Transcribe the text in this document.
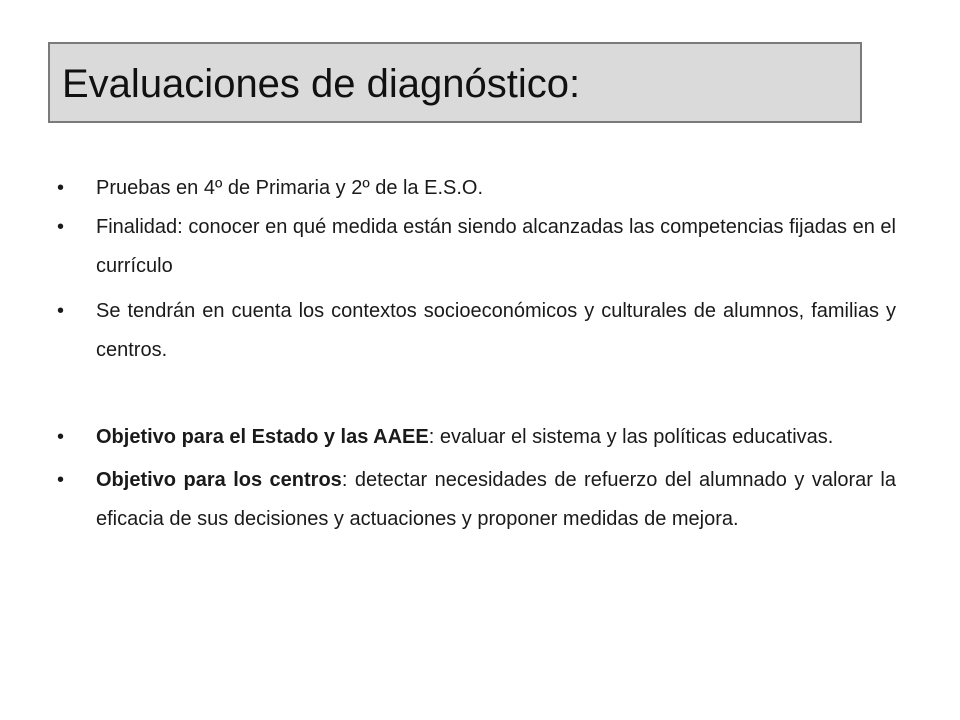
Evaluaciones de diagnóstico:
•	Pruebas en 4º de Primaria y 2º de la E.S.O.
•	Finalidad: conocer en qué medida están siendo alcanzadas las competencias fijadas en el currículo
•	Se tendrán en cuenta los contextos socioeconómicos y culturales de alumnos, familias y centros.
•	Objetivo para el Estado y las AAEE: evaluar el sistema y las políticas educativas.
•	Objetivo para los centros: detectar necesidades de refuerzo del alumnado y valorar la eficacia de sus decisiones y actuaciones y proponer medidas de mejora.
